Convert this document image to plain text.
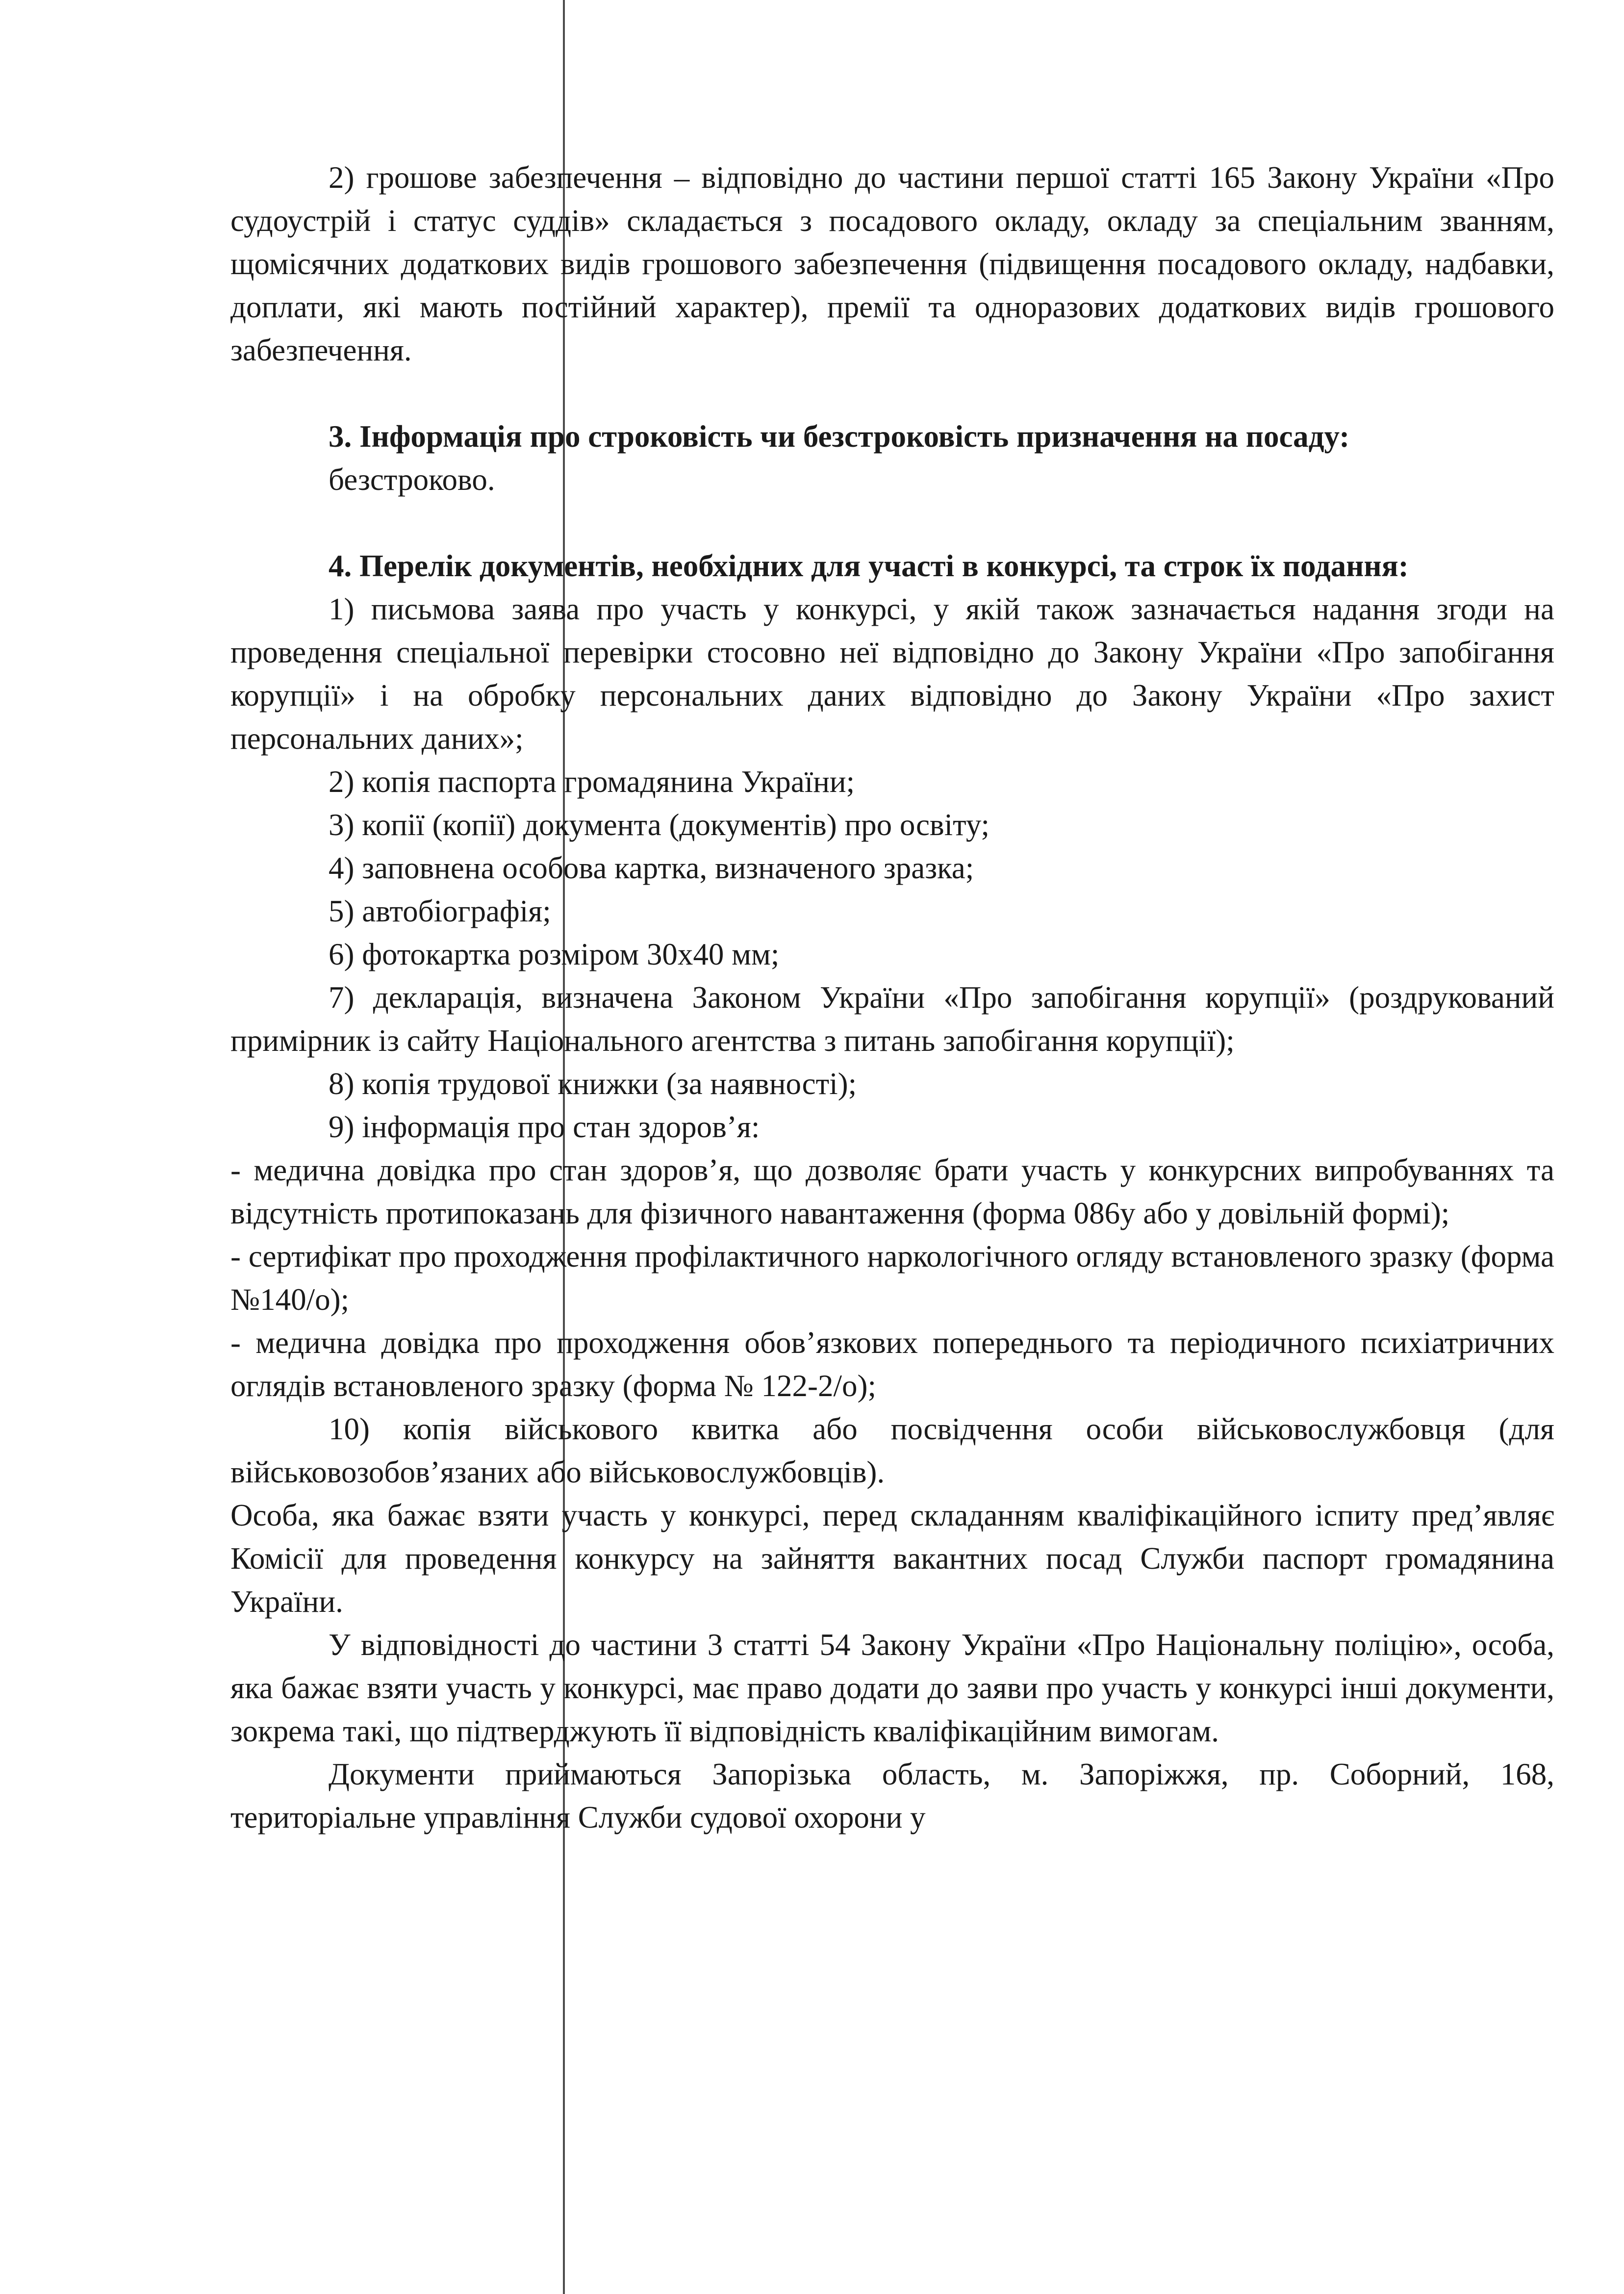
2) грошове забезпечення – відповідно до частини першої статті 165 Закону України «Про судоустрій і статус суддів» складається з посадового окладу, окладу за спеціальним званням, щомісячних додаткових видів грошового забезпечення (підвищення посадового окладу, надбавки, доплати, які мають постійний характер), премії та одноразових додаткових видів грошового забезпечення.

3. Інформація про строковість чи безстроковість призначення на посаду:

безстроково.

4. Перелік документів, необхідних для участі в конкурсі, та строк їх подання:

1) письмова заява про участь у конкурсі, у якій також зазначається надання згоди на проведення спеціальної перевірки стосовно неї відповідно до Закону України «Про запобігання корупції» і на обробку персональних даних відповідно до Закону України «Про захист персональних даних»;

2) копія паспорта громадянина України;

3) копії (копії) документа (документів) про освіту;

4) заповнена особова картка, визначеного зразка;

5) автобіографія;

6) фотокартка розміром 30х40 мм;

7) декларація, визначена Законом України «Про запобігання корупції» (роздрукований примірник із сайту Національного агентства з питань запобігання корупції);

8) копія трудової книжки (за наявності);

9) інформація про стан здоров’я:

- медична довідка про стан здоров’я, що дозволяє брати участь у конкурсних випробуваннях та відсутність протипоказань для фізичного навантаження (форма 086у або у довільній формі);

- сертифікат про проходження профілактичного наркологічного огляду встановленого зразку (форма №140/о);

- медична довідка про проходження обов’язкових попереднього та періодичного психіатричних оглядів встановленого зразку (форма № 122-2/о);

10) копія військового квитка або посвідчення особи військовослужбовця (для військовозобов’язаних або військовослужбовців).

Особа, яка бажає взяти участь у конкурсі, перед складанням кваліфікаційного іспиту пред’являє Комісії для проведення конкурсу на зайняття вакантних посад Служби паспорт громадянина України.

У відповідності до частини 3 статті 54 Закону України «Про Національну поліцію», особа, яка бажає взяти участь у конкурсі, має право додати до заяви про участь у конкурсі інші документи, зокрема такі, що підтверджують її відповідність кваліфікаційним вимогам.

Документи приймаються Запорізька область, м. Запоріжжя, пр. Соборний, 168, територіальне управління Служби судової охорони у
